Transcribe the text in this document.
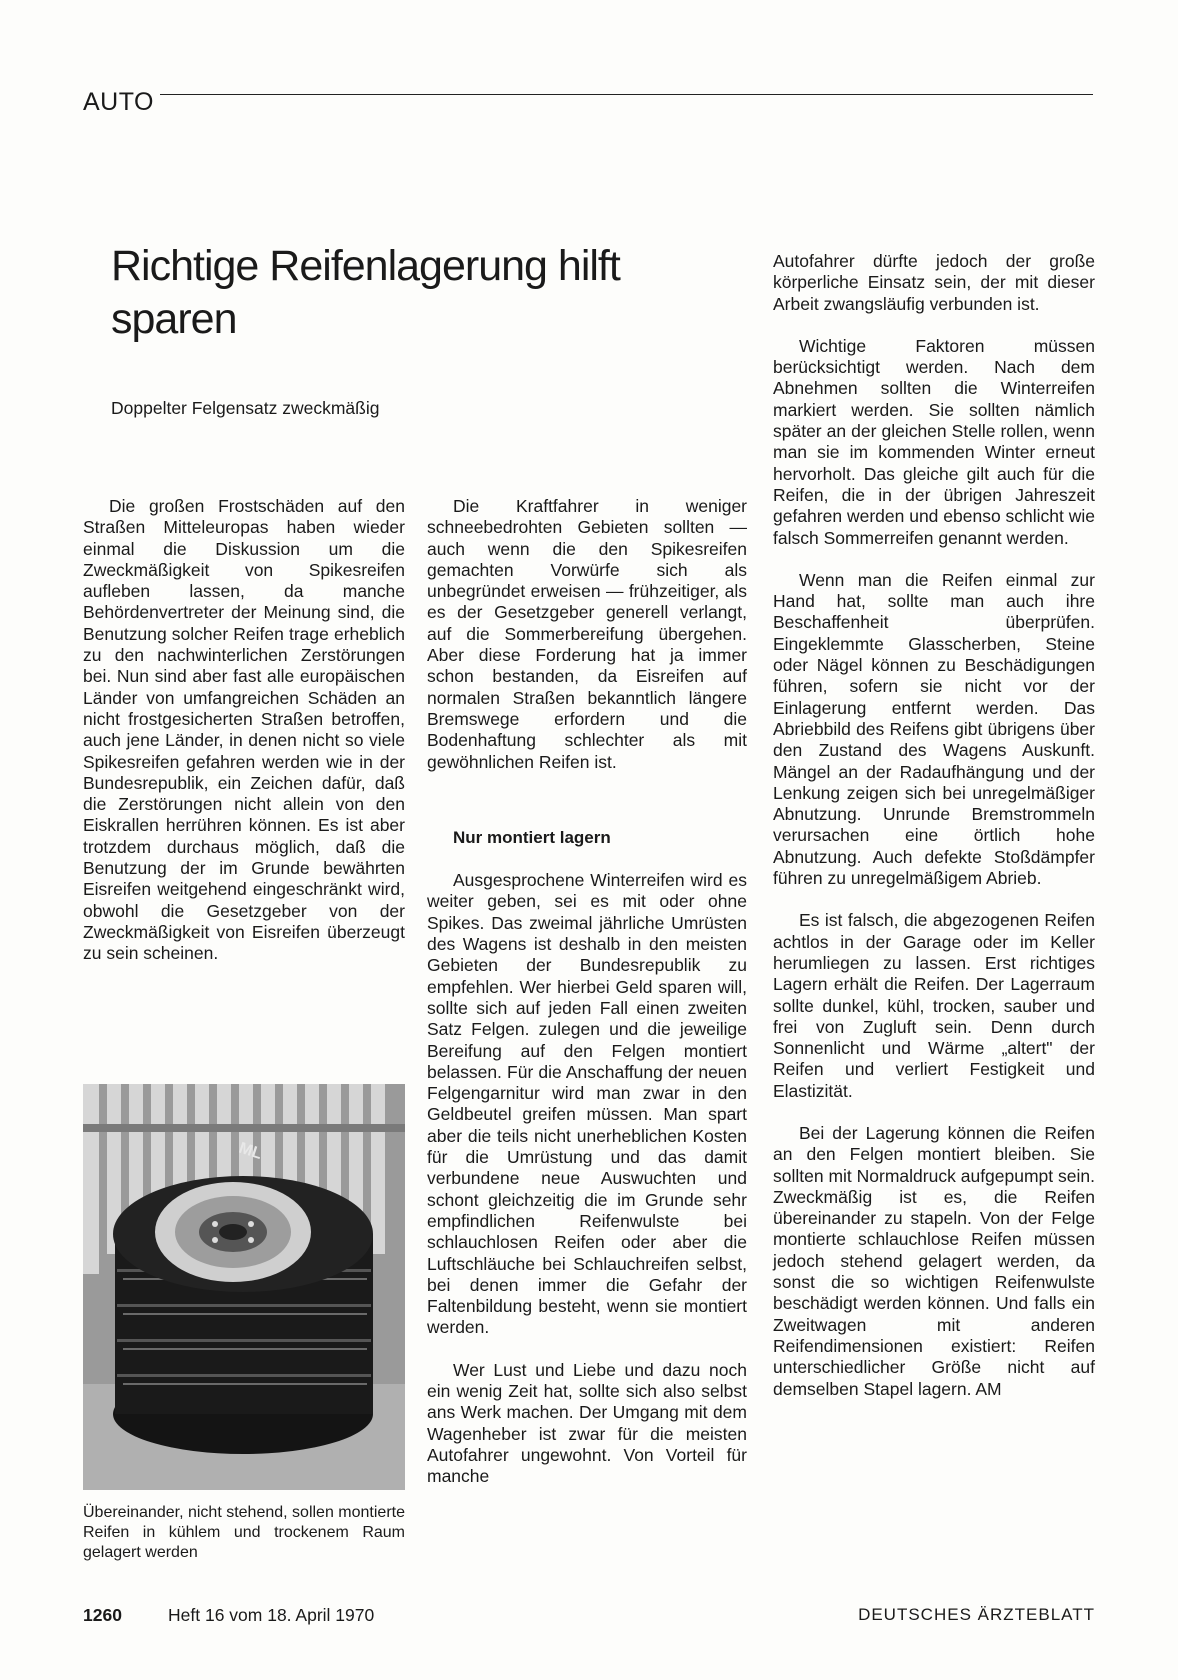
AUTO
Richtige Reifenlagerung hilft sparen
Doppelter Felgensatz zweckmäßig

Die großen Frostschäden auf den Straßen Mitteleuropas haben wieder einmal die Diskussion um die Zweckmäßigkeit von Spikesreifen aufleben lassen, da manche Behördenvertreter der Meinung sind, die Benutzung solcher Reifen trage erheblich zu den nachwinterlichen Zerstörungen bei. Nun sind aber fast alle europäischen Länder von umfangreichen Schäden an nicht frostgesicherten Straßen betroffen, auch jene Länder, in denen nicht so viele Spikesreifen gefahren werden wie in der Bundesrepublik, ein Zeichen dafür, daß die Zerstörungen nicht allein von den Eiskrallen herrühren können. Es ist aber trotzdem durchaus möglich, daß die Benutzung der im Grunde bewährten Eisreifen weitgehend eingeschränkt wird, obwohl die Gesetzgeber von der Zweckmäßigkeit von Eisreifen überzeugt zu sein scheinen.

Die Kraftfahrer in weniger schneebedrohten Gebieten sollten — auch wenn die den Spikesreifen gemachten Vorwürfe sich als unbegründet erweisen — frühzeitiger, als es der Gesetzgeber generell verlangt, auf die Sommerbereifung übergehen. Aber diese Forderung hat ja immer schon bestanden, da Eisreifen auf normalen Straßen bekanntlich längere Bremswege erfordern und die Bodenhaftung schlechter als mit gewöhnlichen Reifen ist.

Nur montiert lagern

Ausgesprochene Winterreifen wird es weiter geben, sei es mit oder ohne Spikes. Das zweimal jährliche Umrüsten des Wagens ist deshalb in den meisten Gebieten der Bundesrepublik zu empfehlen. Wer hierbei Geld sparen will, sollte sich auf jeden Fall einen zweiten Satz Felgen. zulegen und die jeweilige Bereifung auf den Felgen montiert belassen. Für die Anschaffung der neuen Felgengarnitur wird man zwar in den Geldbeutel greifen müssen. Man spart aber die teils nicht unerheblichen Kosten für die Umrüstung und das damit verbundene neue Auswuchten und schont gleichzeitig die im Grunde sehr empfindlichen Reifenwulste bei schlauchlosen Reifen oder aber die Luftschläuche bei Schlauchreifen selbst, bei denen immer die Gefahr der Faltenbildung besteht, wenn sie montiert werden.

Wer Lust und Liebe und dazu noch ein wenig Zeit hat, sollte sich also selbst ans Werk machen. Der Umgang mit dem Wagenheber ist zwar für die meisten Autofahrer ungewohnt. Von Vorteil für manche

Autofahrer dürfte jedoch der große körperliche Einsatz sein, der mit dieser Arbeit zwangsläufig verbunden ist.

Wichtige Faktoren müssen berücksichtigt werden. Nach dem Abnehmen sollten die Winterreifen markiert werden. Sie sollten nämlich später an der gleichen Stelle rollen, wenn man sie im kommenden Winter erneut hervorholt. Das gleiche gilt auch für die Reifen, die in der übrigen Jahreszeit gefahren werden und ebenso schlicht wie falsch Sommerreifen genannt werden.

Wenn man die Reifen einmal zur Hand hat, sollte man auch ihre Beschaffenheit überprüfen. Eingeklemmte Glasscherben, Steine oder Nägel können zu Beschädigungen führen, sofern sie nicht vor der Einlagerung entfernt werden. Das Abriebbild des Reifens gibt übrigens über den Zustand des Wagens Auskunft. Mängel an der Radaufhängung und der Lenkung zeigen sich bei unregelmäßiger Abnutzung. Unrunde Bremstrommeln verursachen eine örtlich hohe Abnutzung. Auch defekte Stoßdämpfer führen zu unregelmäßigem Abrieb.

Es ist falsch, die abgezogenen Reifen achtlos in der Garage oder im Keller herumliegen zu lassen. Erst richtiges Lagern erhält die Reifen. Der Lagerraum sollte dunkel, kühl, trocken, sauber und frei von Zugluft sein. Denn durch Sonnenlicht und Wärme „altert" der Reifen und verliert Festigkeit und Elastizität.

Bei der Lagerung können die Reifen an den Felgen montiert bleiben. Sie sollten mit Normaldruck aufgepumpt sein. Zweckmäßig ist es, die Reifen übereinander zu stapeln. Von der Felge montierte schlauchlose Reifen müssen jedoch stehend gelagert werden, da sonst die so wichtigen Reifenwulste beschädigt werden können. Und falls ein Zweitwagen mit anderen Reifendimensionen existiert: Reifen unterschiedlicher Größe nicht auf demselben Stapel lagern. AM

ML
Übereinander, nicht stehend, sollen montierte Reifen in kühlem und trockenem Raum gelagert werden
1260	Heft 16 vom 18. April 1970	DEUTSCHES ÄRZTEBLATT
